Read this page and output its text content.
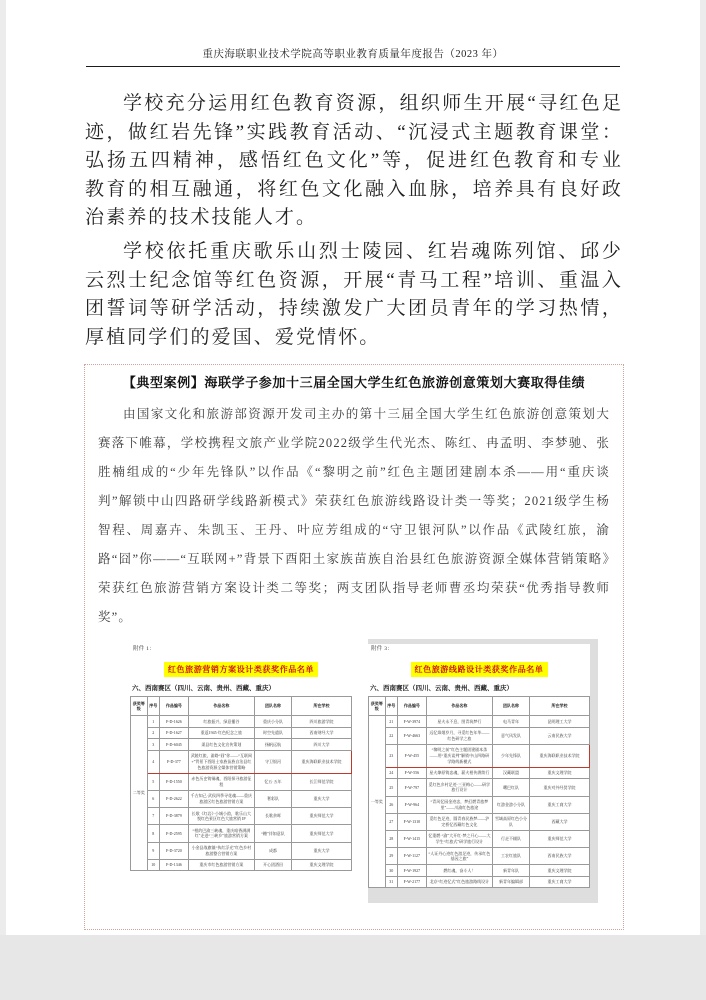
重庆海联职业技术学院高等职业教育质量年度报告（2023 年）

学校充分运用红色教育资源，组织师生开展“寻红色足迹，做红岩先锋”实践教育活动、“沉浸式主题教育课堂：弘扬五四精神，感悟红色文化”等，促进红色教育和专业教育的相互融通，将红色文化融入血脉，培养具有良好政治素养的技术技能人才。

学校依托重庆歌乐山烈士陵园、红岩魂陈列馆、邱少云烈士纪念馆等红色资源，开展“青马工程”培训、重温入团誓词等研学活动，持续激发广大团员青年的学习热情，厚植同学们的爱国、爱党情怀。

【典型案例】海联学子参加十三届全国大学生红色旅游创意策划大赛取得佳绩
由国家文化和旅游部资源开发司主办的第十三届全国大学生红色旅游创意策划大赛落下帷幕，学校携程文旅产业学院2022级学生代光杰、陈红、冉孟明、李梦驰、张胜楠组成的“少年先锋队”以作品《“黎明之前”红色主题团建剧本杀——用“重庆谈判”解锁中山四路研学线路新模式》荣获红色旅游线路设计类一等奖；2021级学生杨智程、周嘉卉、朱凯玉、王丹、叶应芳组成的“守卫银河队”以作品《武陵红旅，渝路“囧”你——“互联网+”背景下酉阳土家族苗族自治县红色旅游资源全媒体营销策略》荣获红色旅游营销方案设计类二等奖；两支团队指导老师曹丞均荣获“优秀指导教师奖”。
附件 1：
红色旅游营销方案设计类获奖作品名单
六、西南赛区（四川、云南、贵州、西藏、重庆）
获奖等级	序号	作品编号	作品名称	团队名称	所在学校
二等奖	1	F-D-1626	红旅振兴，绿意播谷	重庆小分队	四川旅游学院
	2	F-D-1627	重返1945·红色纪念之旅	时空先遣队	西南财经大学
	3	F-D-6045	渠县红色文化宣传策划	扬帆远航	四川大学
	4	F-D-377	武陵红旅，渝路“囧”你——“互联网+”背景下酉阳土家族苗族自治县红色旅游资源全媒体营销策略	守卫银河	重庆海联职业技术学院
	5	F-D-1550	赤色历史铸铜魂，酉阳探寻旅游征程	忆五·五年	长江师范学院
	6	F-D-2622	千古知己·武侯四季寻花魂——重庆旅游区红色旅游营销方案	奢彩队	重庆大学
	7	F-D-3879	长歌《红岩》·小城小韵，歌乐山大悦红色景区红色大旅营销 IP	长歌余晖	重庆师范大学
	8	F-D-2595	“相约巴渝三峡魂，重庆暗香满满红”走进“三峡乡”旅游营销方案	“糖”伴如意队	重庆师范大学
	9	F-D-3720	小金县战旗镇“执红浮光”红色乡村旅游整合营销方案	成都	重庆大学
	10	F-D-1346	重庆市红色旅游营销方案	开心团酒田	重庆文理学院
附件 3：
红色旅游线路设计类获奖作品名单
六、西南赛区（四川、云南、贵州、西藏、重庆）
获奖等级	序号	作品编号	作品名称	团队名称	所在学校
一等奖	21	F-W-3974	星火永不息，图青筑梦行	电马青年	昆明理工大学
	22	F-W-4663	远忆烽烟岁月，寻觅红色年华——红色研学之旅	意气风发队	云南民族大学
	23	F-W-455	“黎明之前”红色主题团建剧本杀——用“重庆谈判”解锁中山四路研学路线新模式	少年先锋队	重庆海联职业技术学院
	24	F-W-556	星火燎原铸忠魂，薪火相传赓续行	汉藏联盟	重庆文理学院
	25	F-W-797	觅红色乡村足迹·三亚梅心——研学旅行设计	曙巴红队	重庆对外经贸学院
	26	F-W-964	“青风忆园金迹忠，梦幻燃青旅梦里”——川渝红色旅途	红游金游小分队	重庆工商大学
	27	F-W-1310	觅红色足迹，圆青春民族梦——泸定桥忆西藏红色文化	雪域高原红色小分队	西藏大学
	28	F-W-1415	忆重燃·“渝”大开红·梦之开心——大学生“红旅式”研学旅行设计	行走不辍队	重庆师范大学
	29	F-W-1127	“人证丹心迹红色游足迹，传承红色基因之旅”	工农红旅队	西南民族大学
	30	F-W-1927	燃红魂，奋斗人！	新青年队	重庆文理学院
	31	F-W-2177	北京“红迹忆式”红色旅游路线设计	新青年编辑部	重庆工商大学
